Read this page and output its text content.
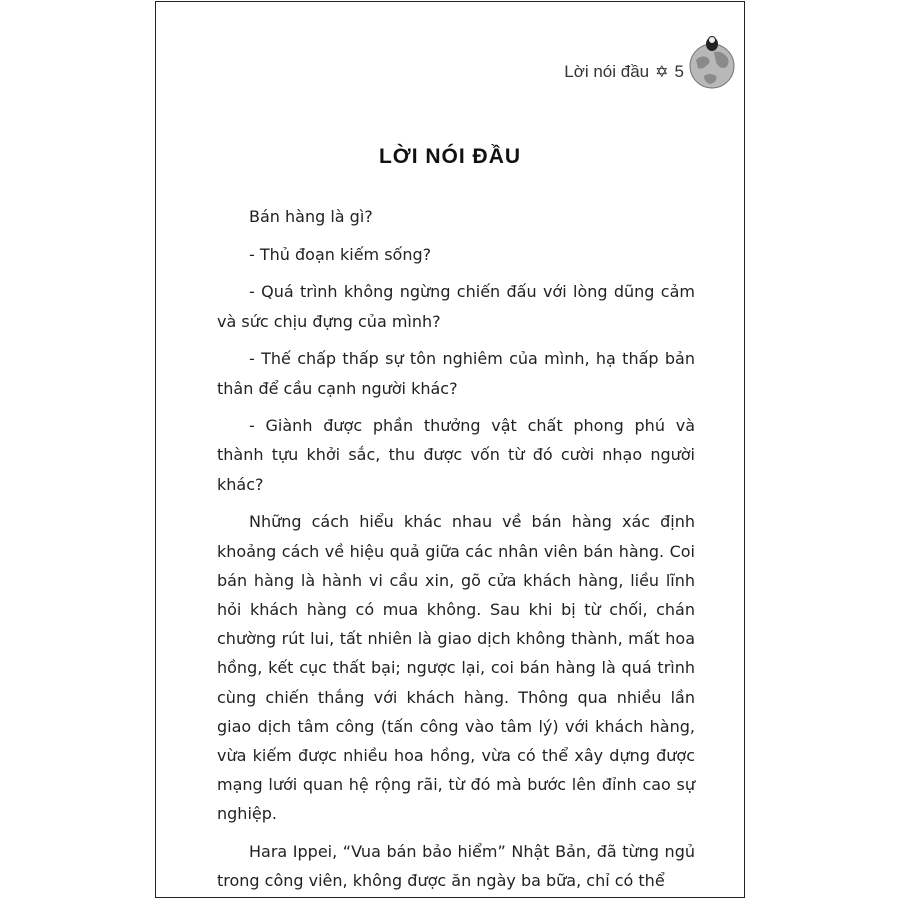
Lời nói đầu ✡ 5
LỜI NÓI ĐẦU

Bán hàng là gì?

- Thủ đoạn kiếm sống?

- Quá trình không ngừng chiến đấu với lòng dũng cảm và sức chịu đựng của mình?

- Thế chấp thấp sự tôn nghiêm của mình, hạ thấp bản thân để cầu cạnh người khác?

- Giành được phần thưởng vật chất phong phú và thành tựu khởi sắc, thu được vốn từ đó cười nhạo người khác?

Những cách hiểu khác nhau về bán hàng xác định khoảng cách về hiệu quả giữa các nhân viên bán hàng. Coi bán hàng là hành vi cầu xin, gõ cửa khách hàng, liều lĩnh hỏi khách hàng có mua không. Sau khi bị từ chối, chán chường rút lui, tất nhiên là giao dịch không thành, mất hoa hồng, kết cục thất bại; ngược lại, coi bán hàng là quá trình cùng chiến thắng với khách hàng. Thông qua nhiều lần giao dịch tâm công (tấn công vào tâm lý) với khách hàng, vừa kiếm được nhiều hoa hồng, vừa có thể xây dựng được mạng lưới quan hệ rộng rãi, từ đó mà bước lên đỉnh cao sự nghiệp.

Hara Ippei, “Vua bán bảo hiểm” Nhật Bản, đã từng ngủ trong công viên, không được ăn ngày ba bữa, chỉ có thể
